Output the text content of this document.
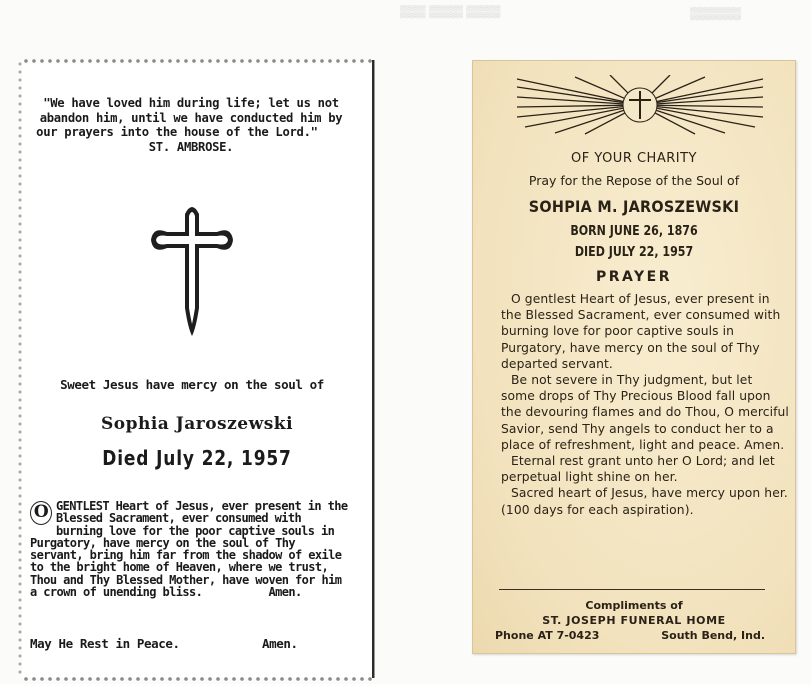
▒▒▒ ▒▒▒▒ ▒▒▒▒	▒▒▒▒▒▒
"We have loved him during life; let us not abandon him, until we have conducted him by our prayers into the house of the Lord."     ST. AMBROSE.
Sweet Jesus have mercy on the soul of
Sophia Jaroszewski
Died July 22, 1957
O GENTLEST Heart of Jesus, ever present in the Blessed Sacrament, ever consumed with burning love for the poor captive souls in Purgatory, have mercy on the soul of Thy servant, bring him far from the shadow of exile to the bright home of Heaven, where we trust, Thou and Thy Blessed Mother, have woven for him a crown of unending bliss.	Amen.
May He Rest in Peace.	Amen.
OF YOUR CHARITY
Pray for the Repose of the Soul of
SOHPIA M. JAROSZEWSKI
BORN JUNE 26, 1876
DIED JULY 22, 1957
PRAYER

O gentlest Heart of Jesus, ever present in the Blessed Sacrament, ever consumed with burning love for poor captive souls in Purgatory, have mercy on the soul of Thy departed servant.

Be not severe in Thy judgment, but let some drops of Thy Precious Blood fall upon the devouring flames and do Thou, O merciful Savior, send Thy angels to conduct her to a place of refreshment, light and peace. Amen.

Eternal rest grant unto her O Lord; and let perpetual light shine on her.

Sacred heart of Jesus, have mercy upon her. (100 days for each aspiration).

Compliments of
ST. JOSEPH FUNERAL HOME
Phone AT 7-0423	South Bend, Ind.
